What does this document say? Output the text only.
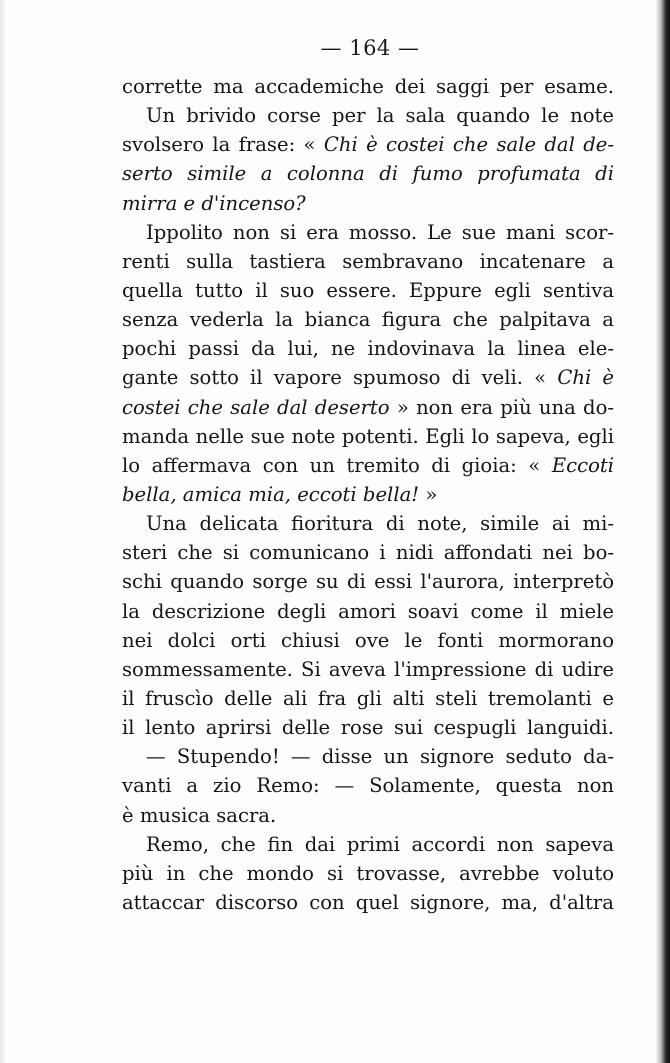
— 164 —
corrette ma accademiche dei saggi per esame.
Un brivido corse per la sala quando le note
svolsero la frase: « Chi è costei che sale dal de-
serto simile a colonna di fumo profumata di
mirra e d'incenso?
Ippolito non si era mosso. Le sue mani scor-
renti sulla tastiera sembravano incatenare a
quella tutto il suo essere. Eppure egli sentiva
senza vederla la bianca figura che palpitava a
pochi passi da lui, ne indovinava la linea ele-
gante sotto il vapore spumoso di veli. « Chi è
costei che sale dal deserto » non era più una do-
manda nelle sue note potenti. Egli lo sapeva, egli
lo affermava con un tremito di gioia: « Eccoti
bella, amica mia, eccoti bella! »
Una delicata fioritura di note, simile ai mi-
steri che si comunicano i nidi affondati nei bo-
schi quando sorge su di essi l'aurora, interpretò
la descrizione degli amori soavi come il miele
nei dolci orti chiusi ove le fonti mormorano
sommessamente. Si aveva l'impressione di udire
il fruscìo delle ali fra gli alti steli tremolanti e
il lento aprirsi delle rose sui cespugli languidi.
— Stupendo! — disse un signore seduto da-
vanti a zio Remo: — Solamente, questa non
è musica sacra.
Remo, che fin dai primi accordi non sapeva
più in che mondo si trovasse, avrebbe voluto
attaccar discorso con quel signore, ma, d'altra
